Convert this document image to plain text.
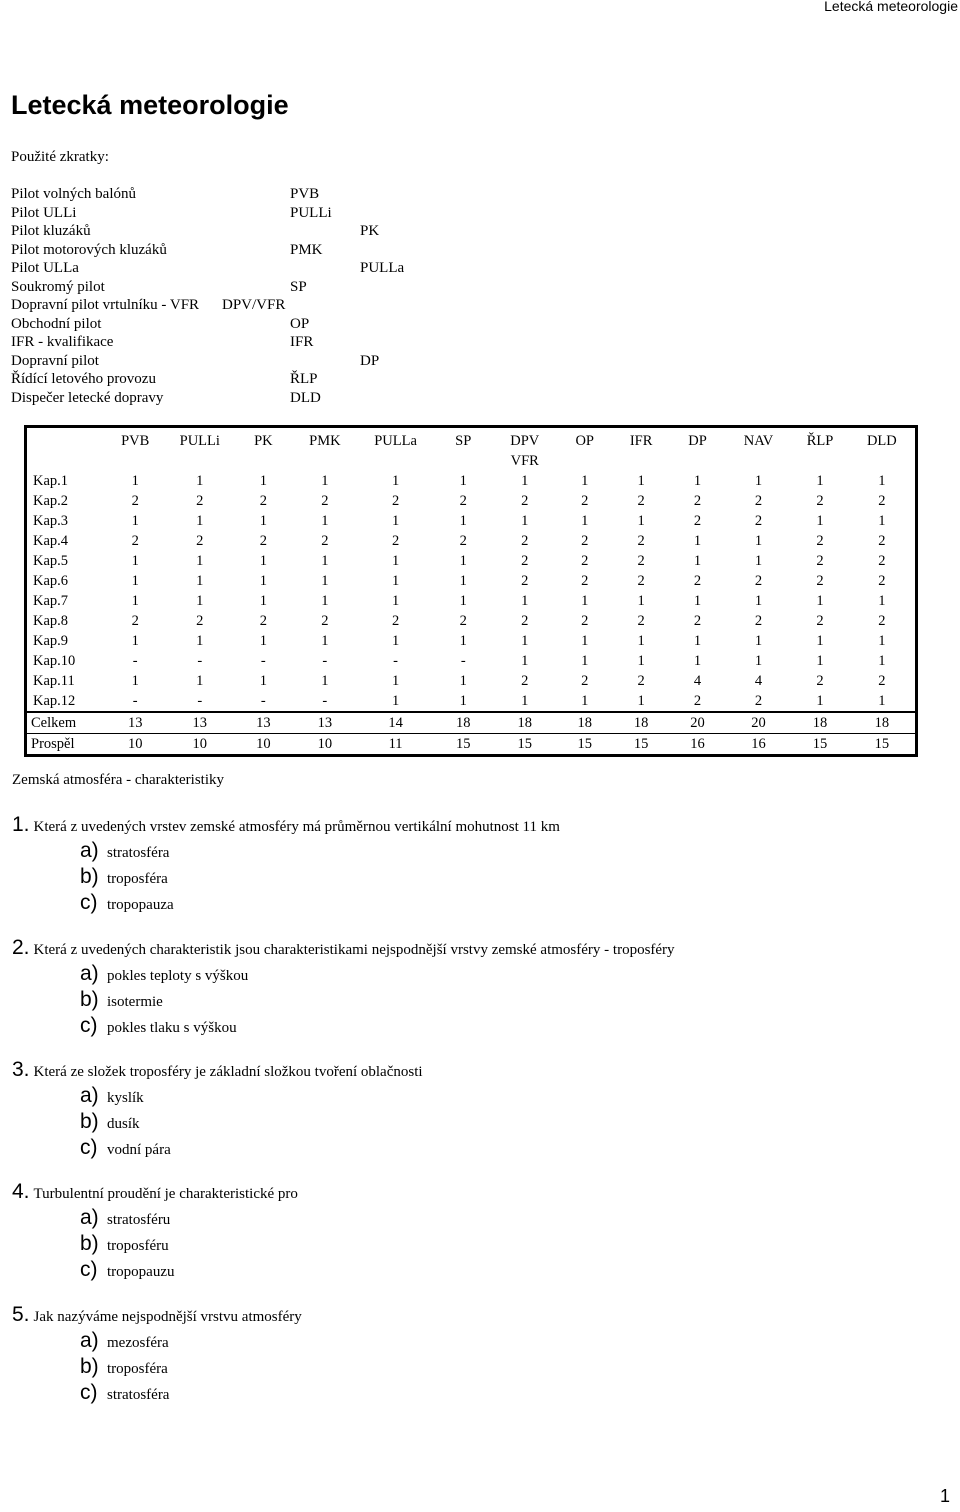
Letecká meteorologie
Letecká meteorologie
Použité zkratky:
Pilot volných balónů	PVB
Pilot ULLi	PULLi
Pilot kluzáků	PK
Pilot motorových kluzáků	PMK
Pilot ULLa	PULLa
Soukromý pilot	SP
Dopravní pilot vrtulníku - VFR DPV/VFR
Obchodní pilot	OP
IFR - kvalifikace	IFR
Dopravní pilot	DP
Řídící letového provozu	ŘLP
Dispečer letecké dopravy	DLD
	PVB	PULLi	PK	PMK	PULLa	SP	DPV VFR	OP	IFR	DP	NAV	ŘLP	DLD
Kap.1	1	1	1	1	1	1	1	1	1	1	1	1	1
Kap.2	2	2	2	2	2	2	2	2	2	2	2	2	2
Kap.3	1	1	1	1	1	1	1	1	1	2	2	1	1
Kap.4	2	2	2	2	2	2	2	2	2	1	1	2	2
Kap.5	1	1	1	1	1	1	2	2	2	1	1	2	2
Kap.6	1	1	1	1	1	1	2	2	2	2	2	2	2
Kap.7	1	1	1	1	1	1	1	1	1	1	1	1	1
Kap.8	2	2	2	2	2	2	2	2	2	2	2	2	2
Kap.9	1	1	1	1	1	1	1	1	1	1	1	1	1
Kap.10	-	-	-	-	-	-	1	1	1	1	1	1	1
Kap.11	1	1	1	1	1	1	2	2	2	4	4	2	2
Kap.12	-	-	-	-	1	1	1	1	1	2	2	1	1
Celkem	13	13	13	13	14	18	18	18	18	20	20	18	18
Prospěl	10	10	10	10	11	15	15	15	15	16	16	15	15
Zemská atmosféra - charakteristiky
1. Která z uvedených vrstev zemské atmosféry má průměrnou vertikální mohutnost 11 km
a) stratosféra
b) troposféra
c) tropopauza
2. Která z uvedených charakteristik jsou charakteristikami nejspodnější vrstvy zemské atmosféry - troposféry
a) pokles teploty s výškou
b) isotermie
c) pokles tlaku s výškou
3. Která ze složek troposféry je základní složkou tvoření oblačnosti
a) kyslík
b) dusík
c) vodní pára
4. Turbulentní proudění je charakteristické pro
a) stratosféru
b) troposféru
c) tropopauzu
5. Jak nazýváme nejspodnější vrstvu atmosféry
a) mezosféra
b) troposféra
c) stratosféra
1
